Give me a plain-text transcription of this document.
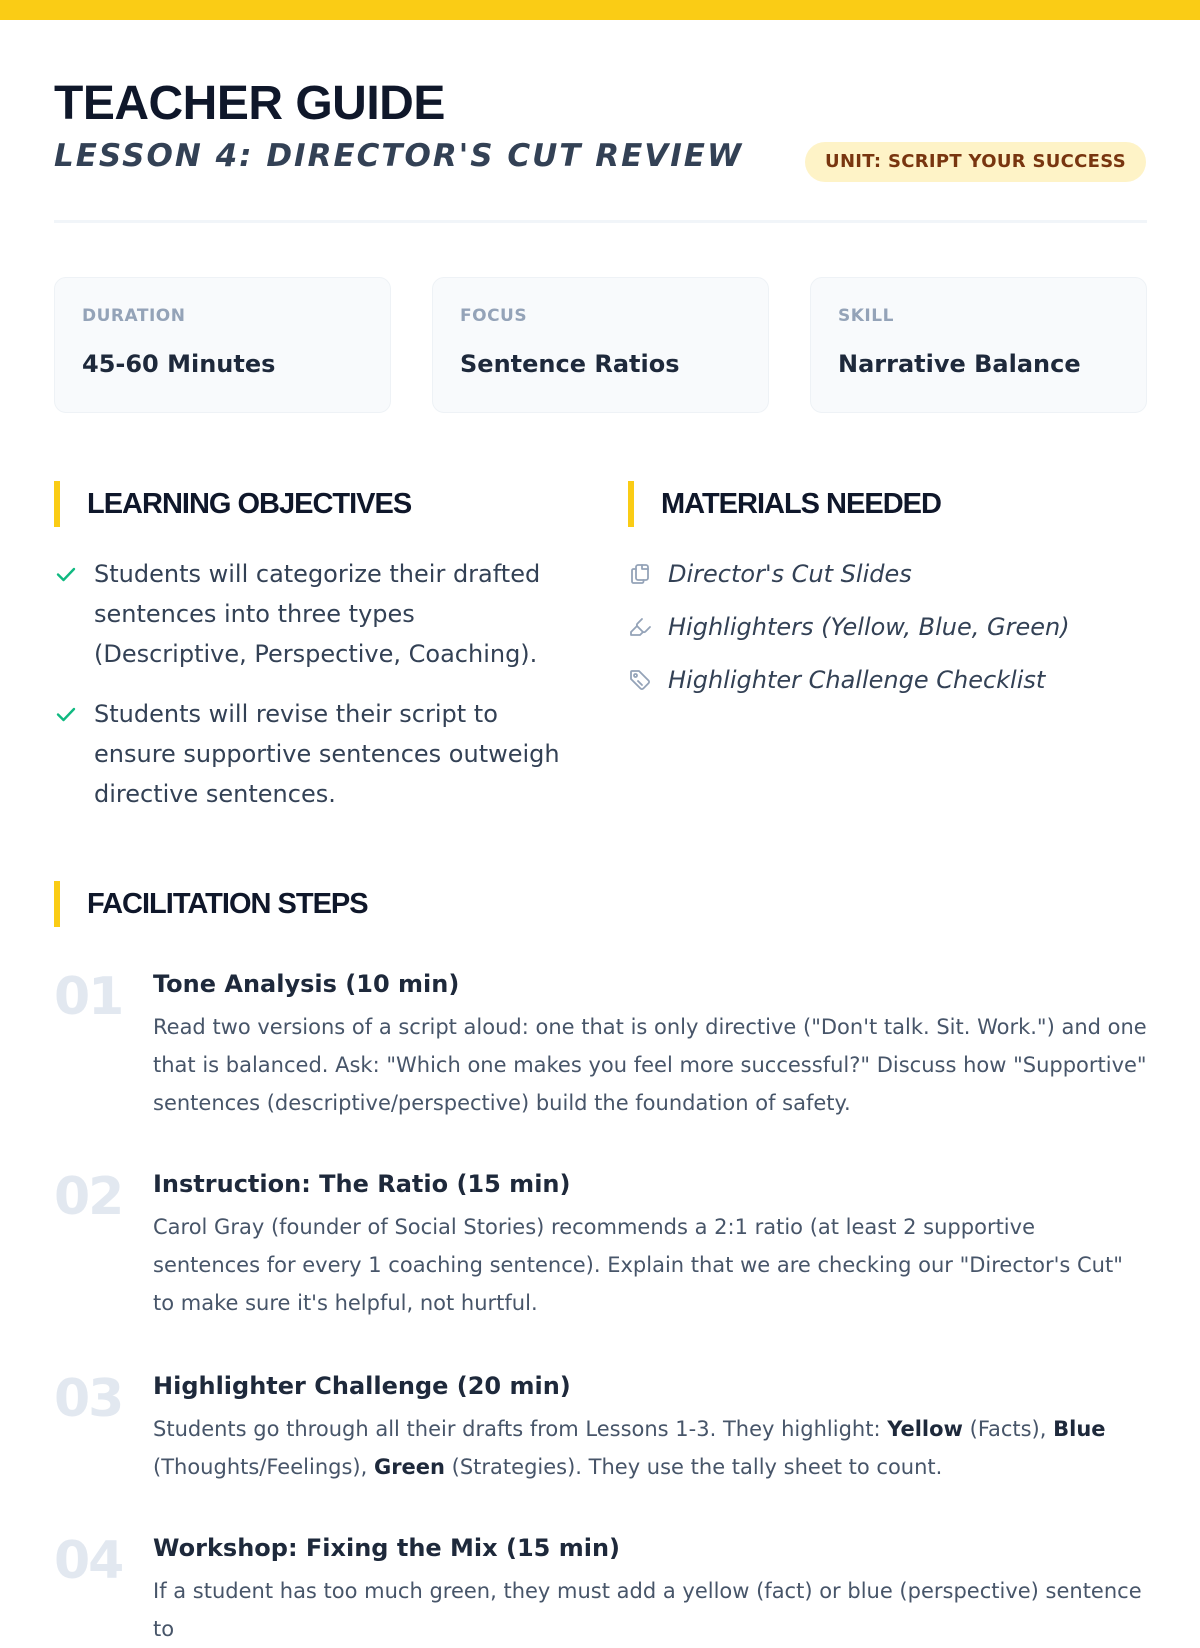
TEACHER GUIDE
LESSON 4: DIRECTOR'S CUT REVIEW	UNIT: SCRIPT YOUR SUCCESS
DURATION
45-60 Minutes
FOCUS
Sentence Ratios
SKILL
Narrative Balance
LEARNING OBJECTIVES
Students will categorize their drafted sentences into three types (Descriptive, Perspective, Coaching).
Students will revise their script to ensure supportive sentences outweigh directive sentences.
MATERIALS NEEDED
Director's Cut Slides
Highlighters (Yellow, Blue, Green)
Highlighter Challenge Checklist
FACILITATION STEPS
01 Tone Analysis (10 min)
Read two versions of a script aloud: one that is only directive ("Don't talk. Sit. Work.") and one that is balanced. Ask: "Which one makes you feel more successful?" Discuss how "Supportive" sentences (descriptive/perspective) build the foundation of safety.
02 Instruction: The Ratio (15 min)
Carol Gray (founder of Social Stories) recommends a 2:1 ratio (at least 2 supportive sentences for every 1 coaching sentence). Explain that we are checking our "Director's Cut" to make sure it's helpful, not hurtful.
03 Highlighter Challenge (20 min)
Students go through all their drafts from Lessons 1-3. They highlight: Yellow (Facts), Blue (Thoughts/Feelings), Green (Strategies). They use the tally sheet to count.
04 Workshop: Fixing the Mix (15 min)
If a student has too much green, they must add a yellow (fact) or blue (perspective) sentence to
